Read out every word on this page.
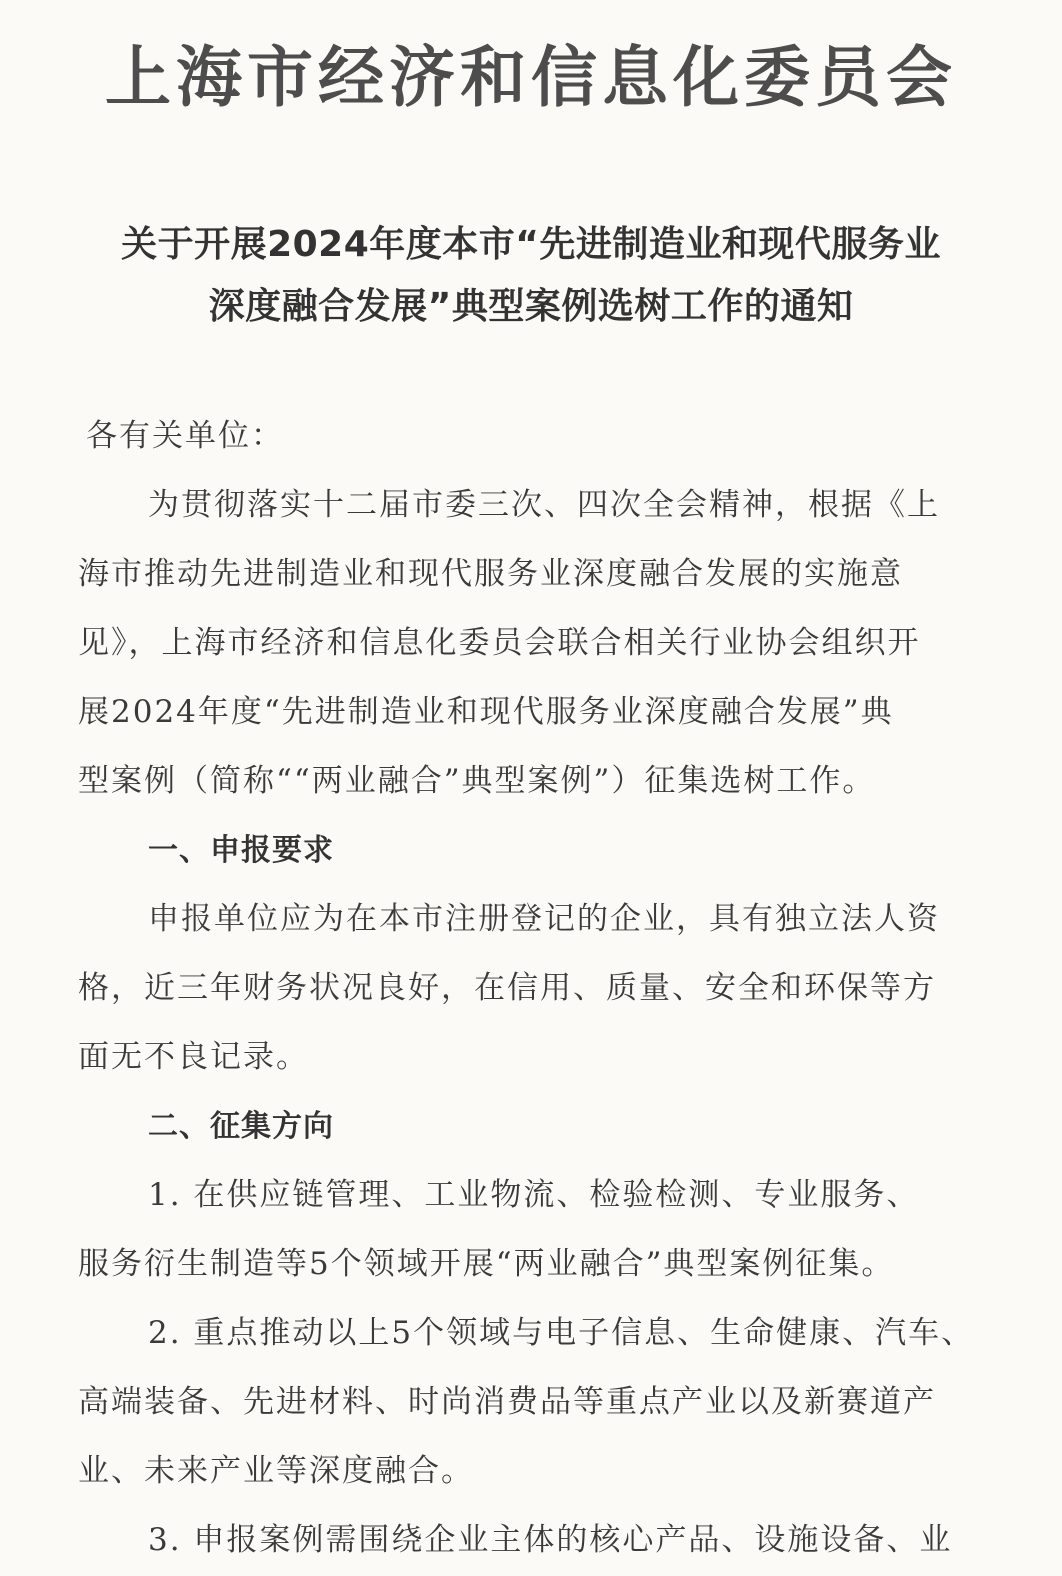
上海市经济和信息化委员会
关于开展2024年度本市“先进制造业和现代服务业
深度融合发展”典型案例选树工作的通知
各有关单位：
为贯彻落实十二届市委三次、四次全会精神，根据《上
海市推动先进制造业和现代服务业深度融合发展的实施意
见》，上海市经济和信息化委员会联合相关行业协会组织开
展2024年度“先进制造业和现代服务业深度融合发展”典
型案例（简称““两业融合”典型案例”）征集选树工作。
一、申报要求
申报单位应为在本市注册登记的企业，具有独立法人资
格，近三年财务状况良好，在信用、质量、安全和环保等方
面无不良记录。
二、征集方向
1. 在供应链管理、工业物流、检验检测、专业服务、
服务衍生制造等5个领域开展“两业融合”典型案例征集。
2. 重点推动以上5个领域与电子信息、生命健康、汽车、
高端装备、先进材料、时尚消费品等重点产业以及新赛道产
业、未来产业等深度融合。
3. 申报案例需围绕企业主体的核心产品、设施设备、业
